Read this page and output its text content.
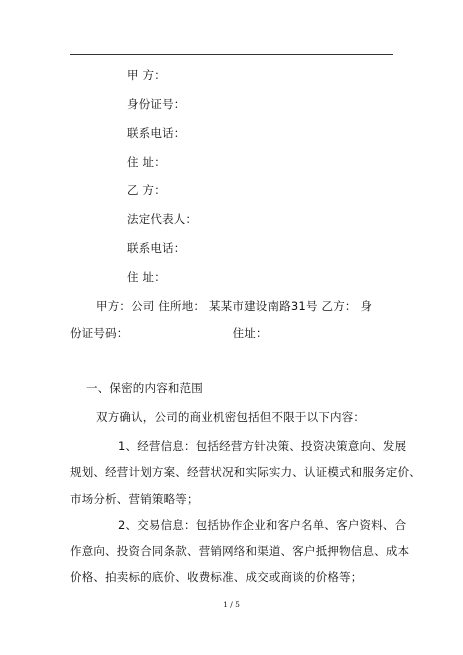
甲 方：
身份证号：
联系电话：
住 址：
乙 方：
法定代表人：
联系电话：
住 址：
甲方：公司 住所地： 某某市建设南路31号 乙方： 身
份证号码：                           住址：
一、保密的内容和范围
双方确认，公司的商业机密包括但不限于以下内容：
1、经营信息：包括经营方针决策、投资决策意向、发展
规划、经营计划方案、经营状况和实际实力、认证模式和服务定价、
市场分析、营销策略等；
2、交易信息：包括协作企业和客户名单、客户资料、合
作意向、投资合同条款、营销网络和渠道、客户抵押物信息、成本
价格、拍卖标的底价、收费标准、成交或商谈的价格等；
1 / 5
